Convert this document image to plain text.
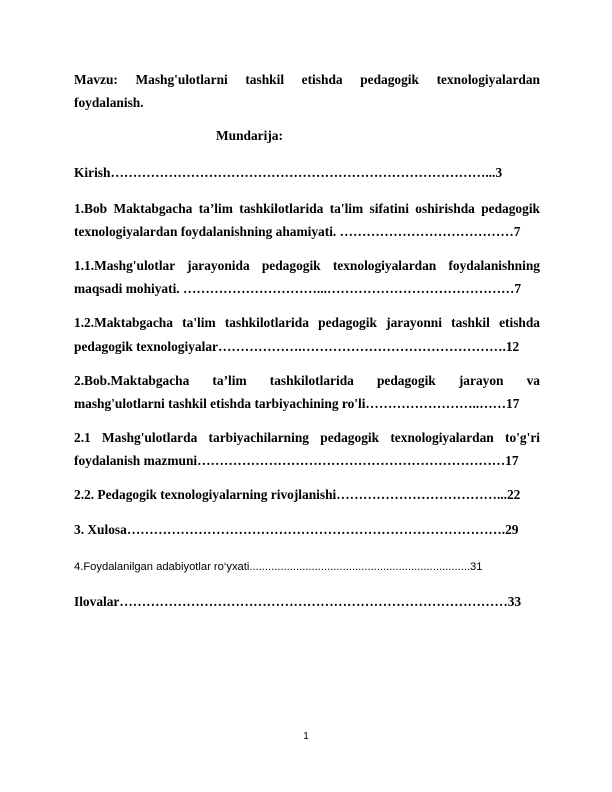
Mavzu: Mashg'ulotlarni tashkil etishda pedagogik texnologiyalardan
foydalanish.
Mundarija:
Kirish…………………………………………………………………………...3
1.Bob Maktabgacha ta’lim tashkilotlarida ta'lim sifatini oshirishda pedagogik
texnologiyalardan foydalanishning ahamiyati. …………………………………7
1.1.Mashg'ulotlar jarayonida pedagogik texnologiyalardan foydalanishning
maqsadi mohiyati. …………………………...……………………………………7
1.2.Maktabgacha ta'lim tashkilotlarida pedagogik jarayonni tashkil etishda
pedagogik texnologiyalar……………….……………………………………….12
2.Bob.Maktabgacha ta’lim tashkilotlarida pedagogik jarayon va
mashg'ulotlarni tashkil etishda tarbiyachining ro'li……………………..……17
2.1 Mashg'ulotlarda tarbiyachilarning pedagogik texnologiyalardan to'g'ri
foydalanish mazmuni……………………………………………………………17
2.2. Pedagogik texnologiyalarning rivojlanishi………………………………...22
3. Xulosa………………………………………………………………………….29
4.Foydalanilgan adabiyotlar ro‘yxati.......................................................................31
Ilovalar……………………………………………………………………………33
1
